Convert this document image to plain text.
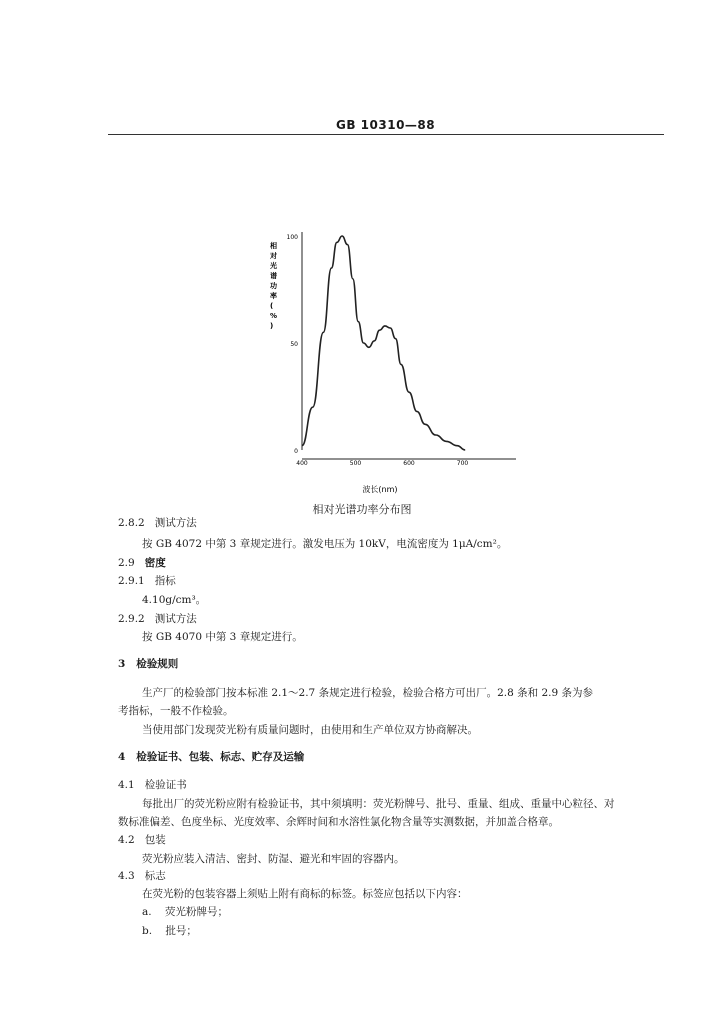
GB 10310—88
相对光谱功率( % )
0
50
100
400	500	600	700
波长(nm)
相对光谱功率分布图
2.8.2 测试方法
按 GB 4072 中第 3 章规定进行。激发电压为 10kV，电流密度为 1μA/cm²。
2.9 密度
2.9.1 指标
4.10g/cm³。
2.9.2 测试方法
按 GB 4070 中第 3 章规定进行。
3 检验规则
生产厂的检验部门按本标准 2.1～2.7 条规定进行检验，检验合格方可出厂。2.8 条和 2.9 条为参
考指标，一般不作检验。
当使用部门发现荧光粉有质量问题时，由使用和生产单位双方协商解决。
4 检验证书、包装、标志、贮存及运输
4.1 检验证书
每批出厂的荧光粉应附有检验证书，其中须填明：荧光粉牌号、批号、重量、组成、重量中心粒径、对
数标准偏差、色度坐标、光度效率、余辉时间和水溶性氯化物含量等实测数据，并加盖合格章。
4.2 包装
荧光粉应装入清洁、密封、防湿、避光和牢固的容器内。
4.3 标志
在荧光粉的包装容器上须贴上附有商标的标签。标签应包括以下内容：
a. 荧光粉牌号；
b. 批号；
